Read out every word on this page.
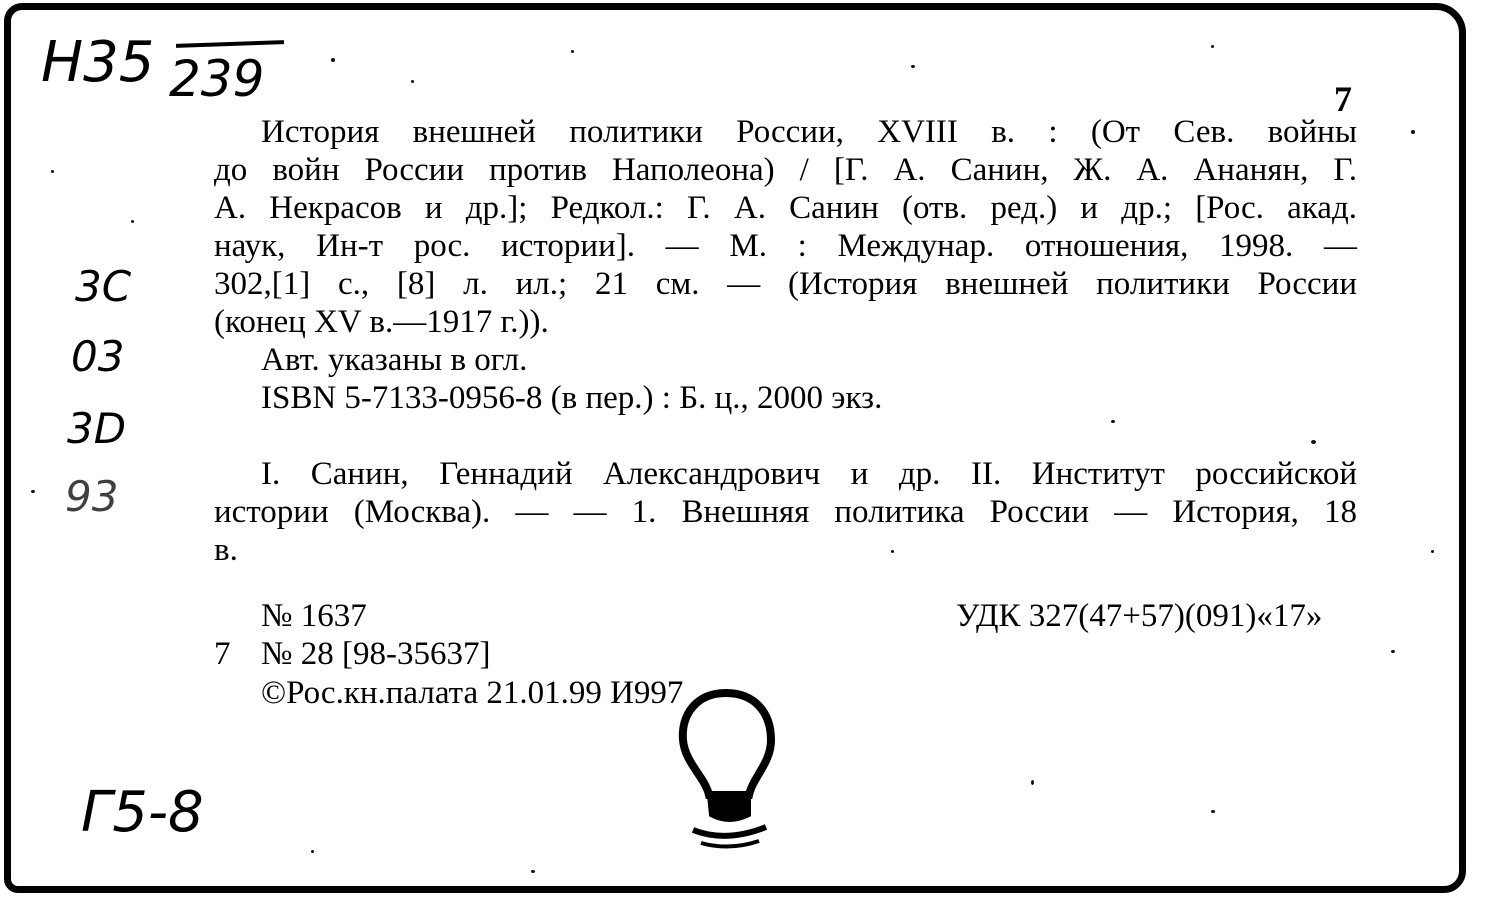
Н35 239	7

История внешней политики России, XVIII в. : (От Сев. войны

до войн России против Наполеона) / [Г. А. Санин, Ж. А. Ананян, Г.

А. Некрасов и др.]; Редкол.: Г. А. Санин (отв. ред.) и др.; [Рос. акад.

наук, Ин-т рос. истории]. — М. : Междунар. отношения, 1998. —

302,[1] с., [8] л. ил.; 21 см. — (История внешней политики России

(конец XV в.—1917 г.)).

Авт. указаны в огл.

ISBN 5-7133-0956-8 (в пер.) : Б. ц., 2000 экз.

3C
03
3D
93	I. Санин, Геннадий Александрович и др. II. Институт российской

истории (Москва). — — 1. Внешняя политика России — История, 18

в.

№ 1637
7 № 28 [98-35637]
©Рос.кн.палата 21.01.99 И997
УДК 327(47+57)(091)«17»
Г5-8
